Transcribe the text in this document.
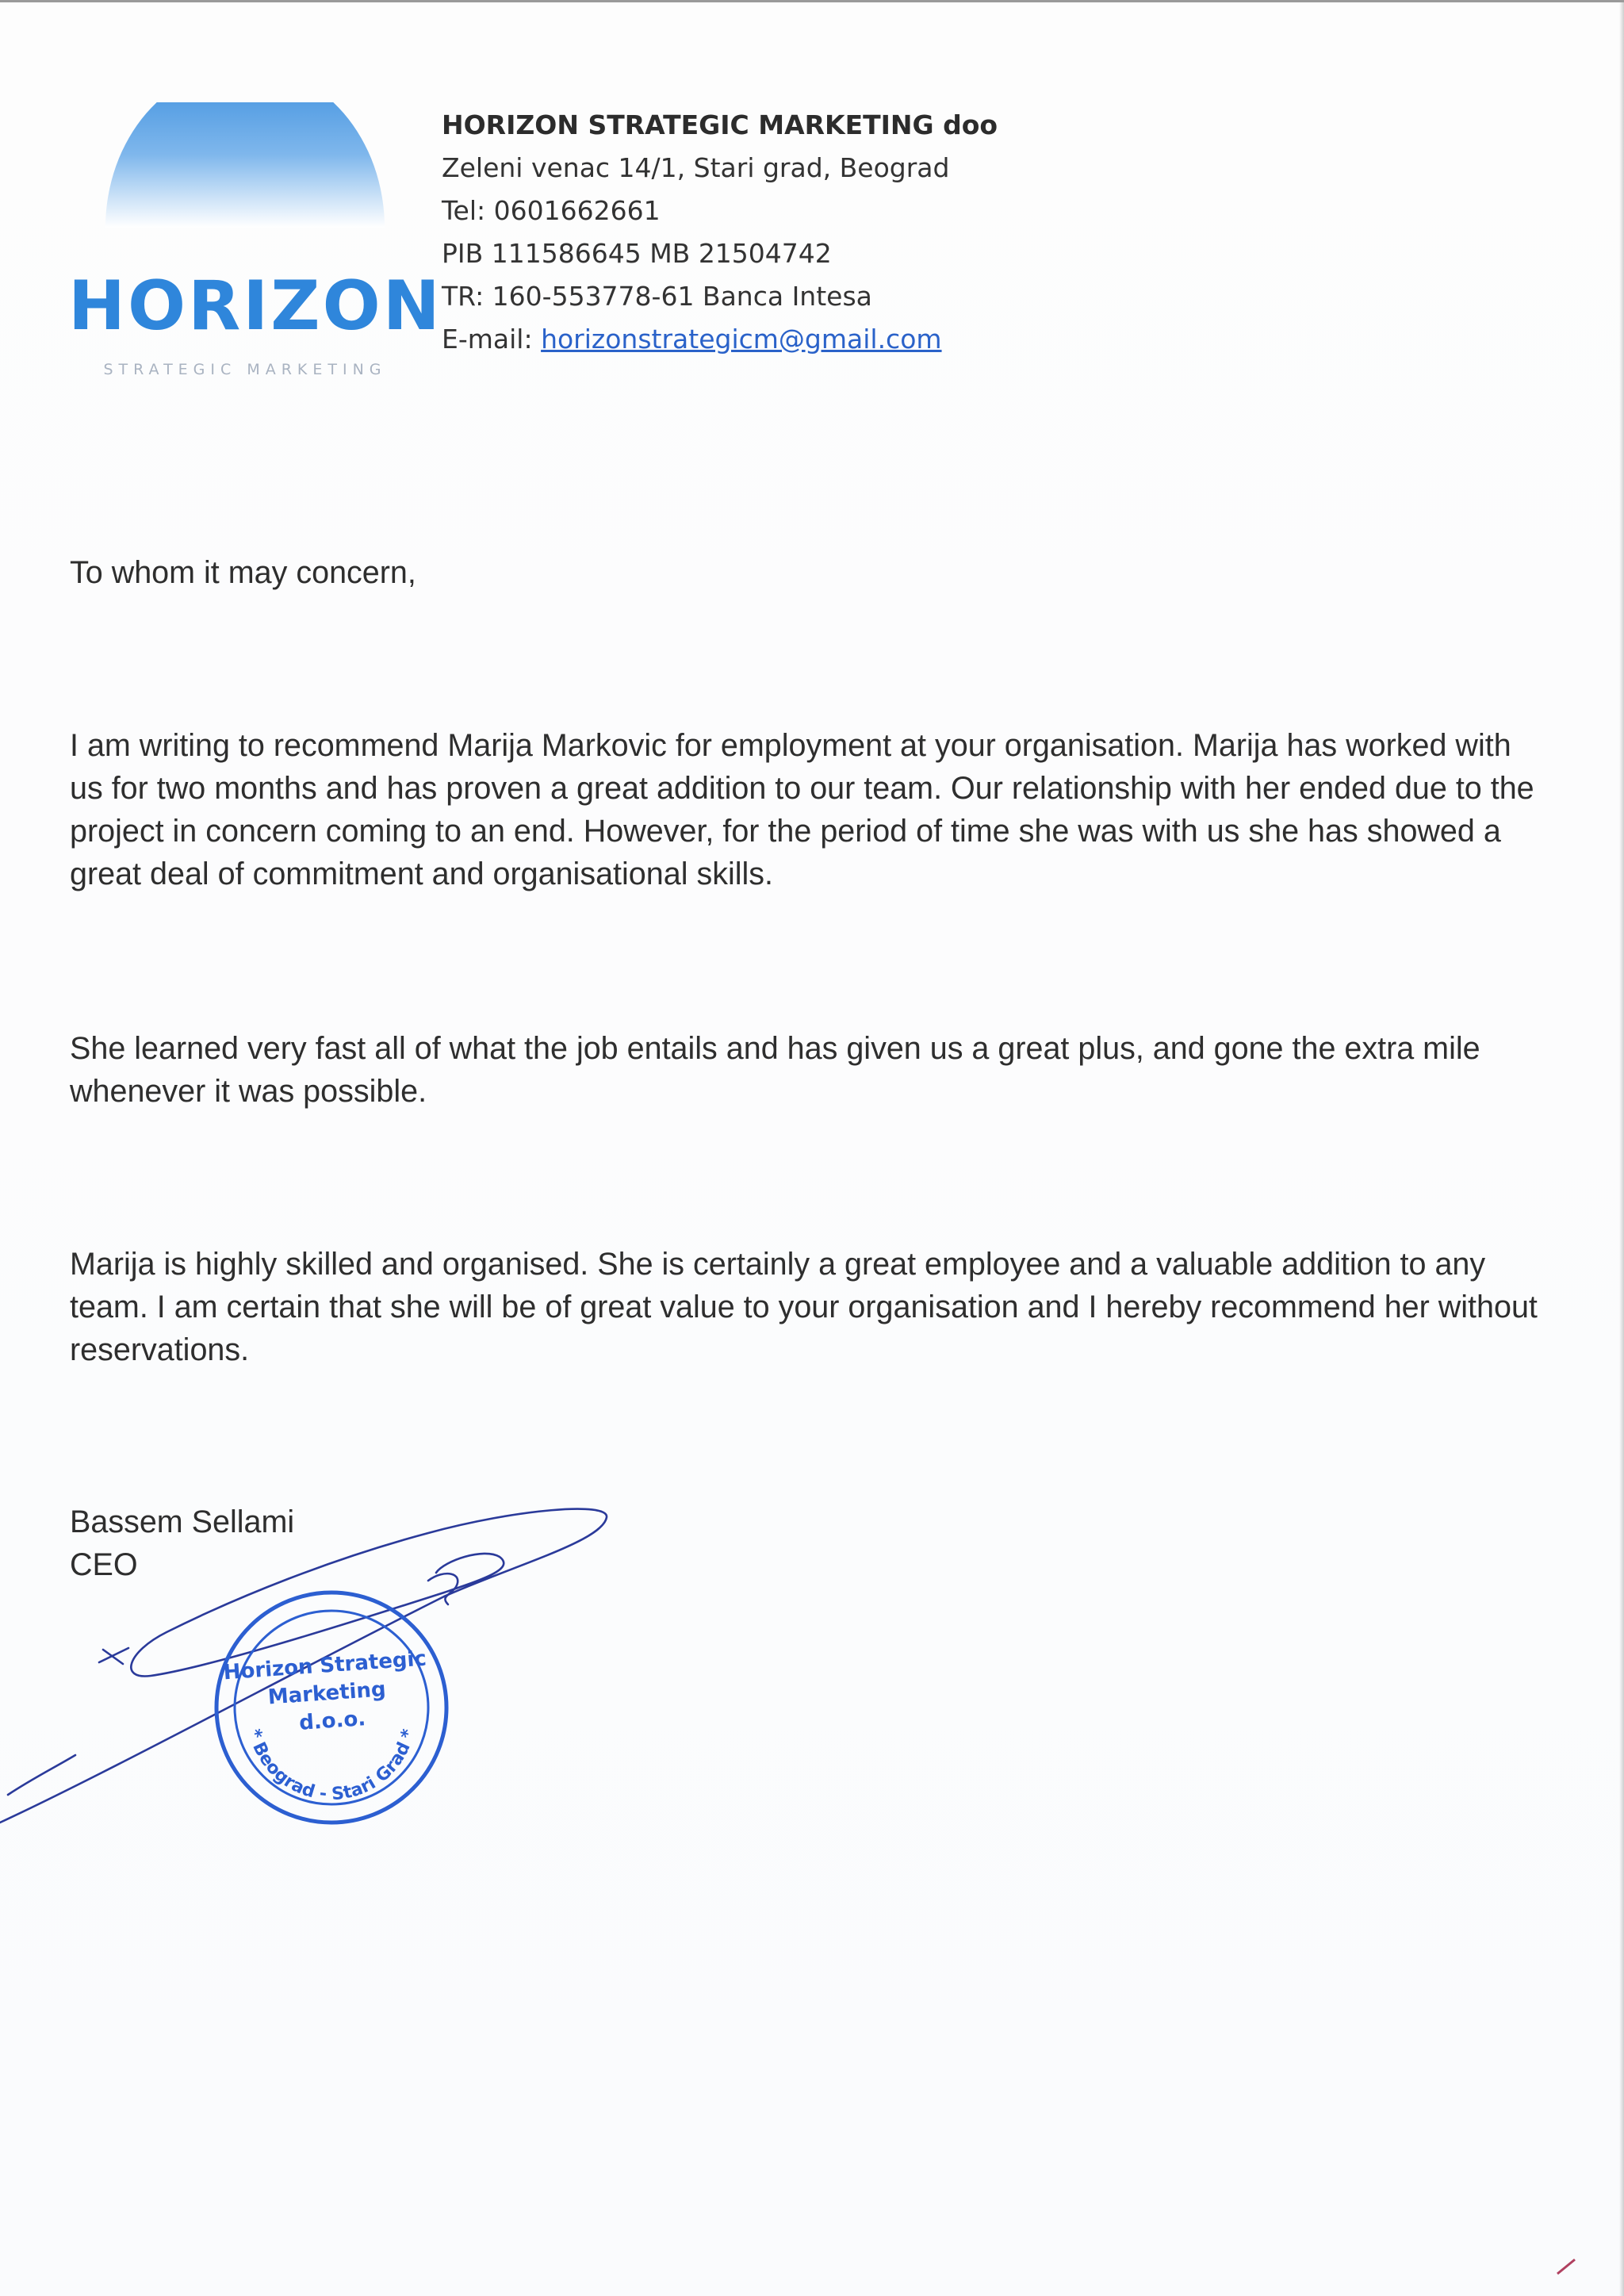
HORIZON
STRATEGIC MARKETING
HORIZON STRATEGIC MARKETING doo
Zeleni venac 14/1, Stari grad, Beograd
Tel: 0601662661
PIB 111586645 MB 21504742
TR: 160-553778-61 Banca Intesa
E-mail: horizonstrategicm@gmail.com

To whom it may concern,

I am writing to recommend Marija Markovic for employment at your organisation. Marija has worked with us for two months and has proven a great addition to our team. Our relationship with her ended due to the project in concern coming to an end. However, for the period of time she was with us she has showed a great deal of commitment and organisational skills.

She learned very fast all of what the job entails and has given us a great plus, and gone the extra mile whenever it was possible.

Marija is highly skilled and organised. She is certainly a great employee and a valuable addition to any team. I am certain that she will be of great value to your organisation and I hereby recommend her without reservations.

Bassem Sellami
CEO
Horizon Strategic Marketing d.o.o.
* Beograd - Stari Grad *
